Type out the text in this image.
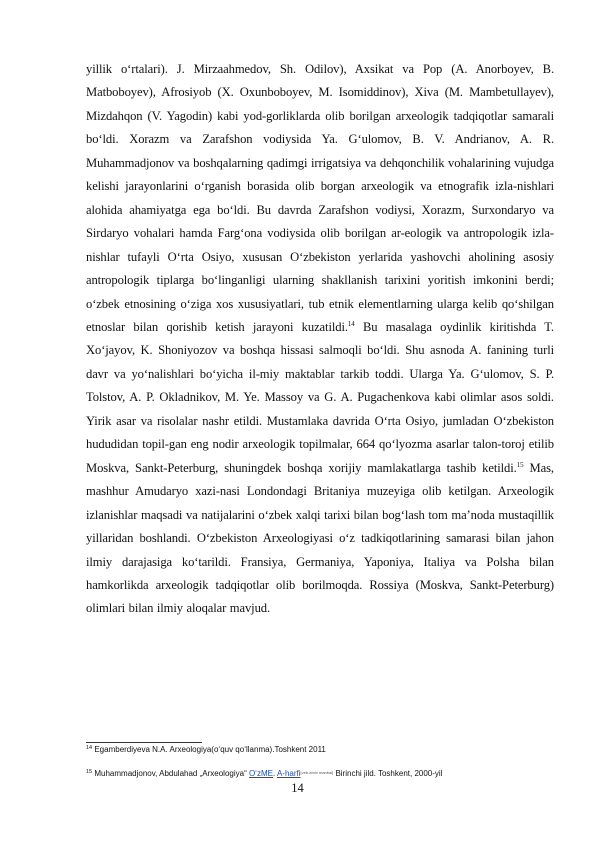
yillik o‘rtalari). J. Mirzaahmedov, Sh. Odilov), Axsikat va Pop (A. Anorboyev, B. Matboboyev), Afrosiyob (X. Oxunboboyev, M. Isomiddinov), Xiva (M. Mambetullayev), Mizdahqon (V. Yagodin) kabi yod-gorliklarda olib borilgan arxeologik tadqiqotlar samarali bo‘ldi. Xorazm va Zarafshon vodiysida Ya. G‘ulomov, B. V. Andrianov, A. R. Muhammadjonov va boshqalarning qadimgi irrigatsiya va dehqonchilik vohalarining vujudga kelishi jarayonlarini o‘rganish borasida olib borgan arxeologik va etnografik izla-nishlari alohida ahamiyatga ega bo‘ldi. Bu davrda Zarafshon vodiysi, Xorazm, Surxondaryo va Sirdaryo vohalari hamda Farg‘ona vodiysida olib borilgan ar-eologik va antropologik izla-nishlar tufayli O‘rta Osiyo, xususan O‘zbekiston yerlarida yashovchi aholining asosiy antropologik tiplarga bo‘linganligi ularning shakllanish tarixini yoritish imkonini berdi; o‘zbek etnosining o‘ziga xos xususiyatlari, tub etnik elementlarning ularga kelib qo‘shilgan etnoslar bilan qorishib ketish jarayoni kuzatildi.$^{14}$ Bu masalaga oydinlik kiritishda T. Xo‘jayov, K. Shoniyozov va boshqa hissasi salmoqli bo‘ldi. Shu asnoda A. fanining turli davr va yo‘nalishlari bo‘yicha il-miy maktablar tarkib toddi. Ularga Ya. G‘ulomov, S. P. Tolstov, A. P. Okladnikov, M. Ye. Massoy va G. A. Pugachenkova kabi olimlar asos soldi. Yirik asar va risolalar nashr etildi. Mustamlaka davrida O‘rta Osiyo, jumladan O‘zbekiston hududidan topil-gan eng nodir arxeologik topilmalar, 664 qo‘lyozma asarlar talon-toroj etilib Moskva, Sankt-Peterburg, shuningdek boshqa xorijiy mamlakatlarga tashib ketildi.$^{15}$ Mas, mashhur Amudaryo xazi-nasi Londondagi Britaniya muzeyiga olib ketilgan. Arxeologik izlanishlar maqsadi va natijalarini o‘zbek xalqi tarixi bilan bog‘lash tom ma’noda mustaqillik yillaridan boshlandi. O‘zbekiston Arxeologiyasi o‘z tadkiqotlarining samarasi bilan jahon ilmiy darajasiga ko‘tarildi. Fransiya, Germaniya, Yaponiya, Italiya va Polsha bilan hamkorlikda arxeologik tadqiqotlar olib borilmoqda. Rossiya (Moskva, Sankt-Peterburg) olimlari bilan ilmiy aloqalar mavjud.

$^{14}$ Egamberdiyeva N.A. Arxeologiya(o‘quv qo‘llanma).Toshkent 2011
$^{15}$ Muhammadjonov, Abdulahad „Arxeologiya“ O‘zME. A-harfi[veb-arxiv manbai] Birinchi jild. Toshkent, 2000-yil
14
